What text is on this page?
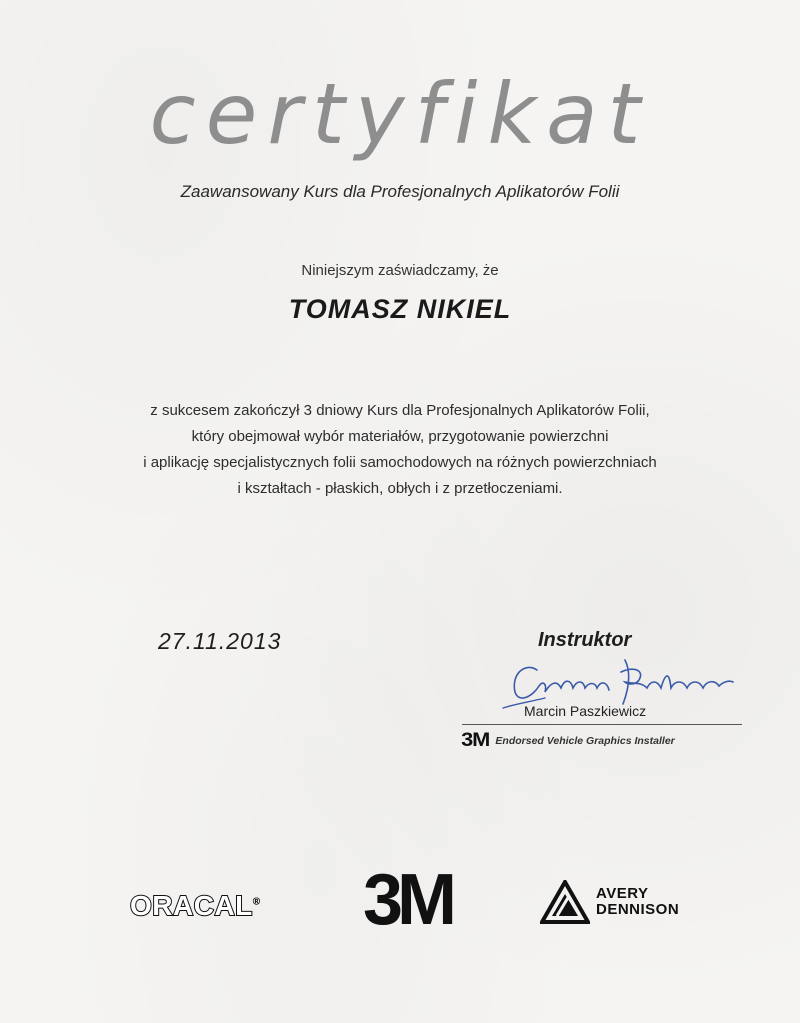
certyfikat
Zaawansowany Kurs dla Profesjonalnych Aplikatorów Folii
Niniejszym zaświadczamy, że
TOMASZ NIKIEL
z sukcesem zakończył 3 dniowy Kurs dla Profesjonalnych Aplikatorów Folii,
który obejmował wybór materiałów, przygotowanie powierzchni
i aplikację specjalistycznych folii samochodowych na różnych powierzchniach
i kształtach - płaskich, obłych i z przetłoczeniami.
27.11.2013	Instruktor
Marcin Paszkiewicz
3M Endorsed Vehicle Graphics Installer
ORACAL® 3M	AVERY
DENNISON
